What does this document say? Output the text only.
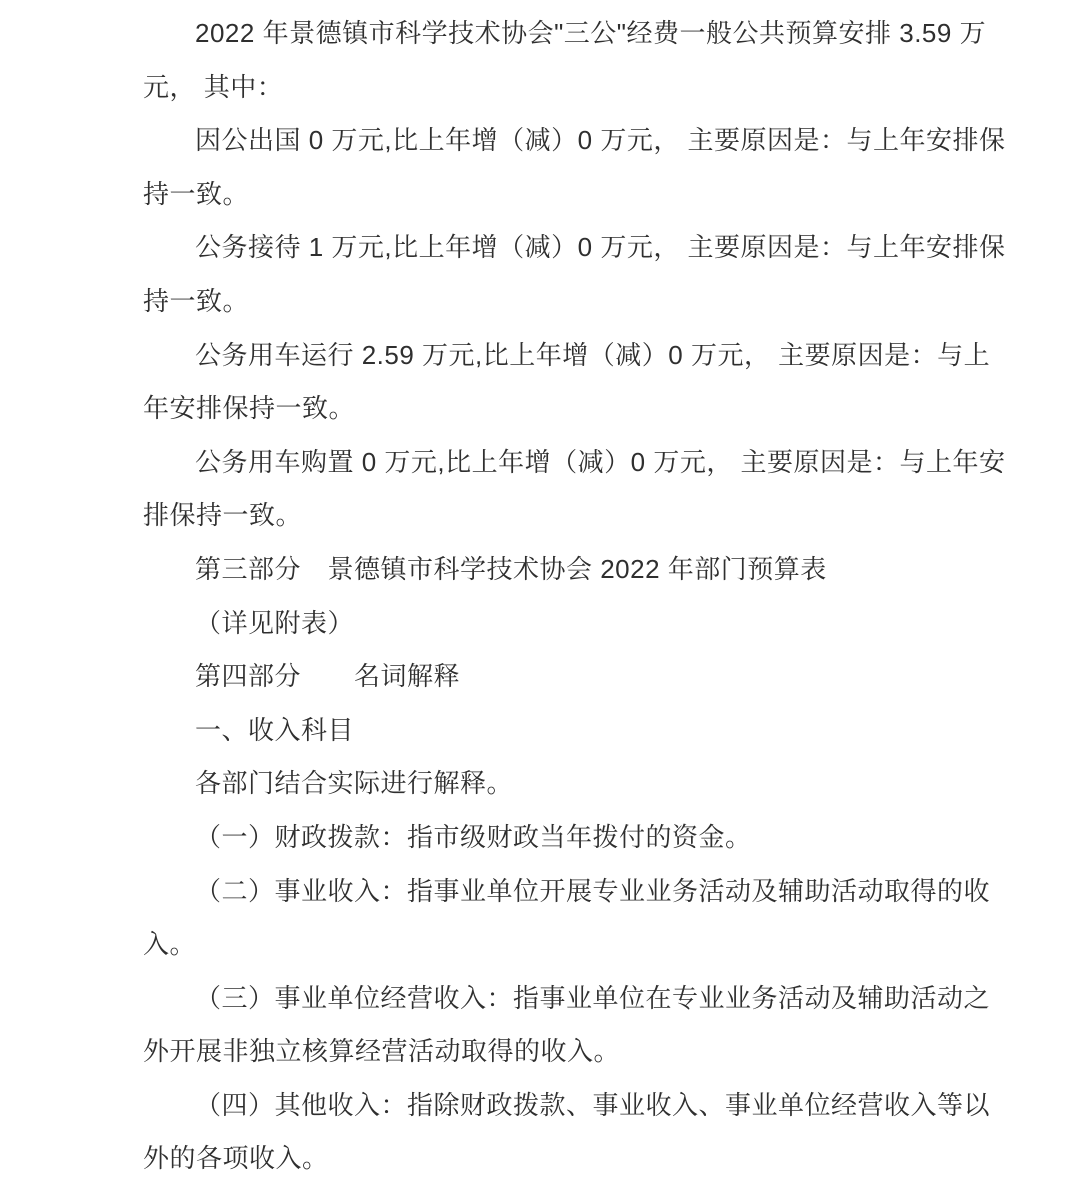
2022 年景德镇市科学技术协会"三公"经费一般公共预算安排 3.59 万
元， 其中：
因公出国 0 万元,比上年增（减）0 万元， 主要原因是：与上年安排保
持一致。
公务接待 1 万元,比上年增（减）0 万元， 主要原因是：与上年安排保
持一致。
公务用车运行 2.59 万元,比上年增（减）0 万元， 主要原因是：与上
年安排保持一致。
公务用车购置 0 万元,比上年增（减）0 万元， 主要原因是：与上年安
排保持一致。
第三部分　景德镇市科学技术协会 2022 年部门预算表
（详见附表）
第四部分　　名词解释
一、收入科目
各部门结合实际进行解释。
（一）财政拨款：指市级财政当年拨付的资金。
（二）事业收入：指事业单位开展专业业务活动及辅助活动取得的收
入。
（三）事业单位经营收入：指事业单位在专业业务活动及辅助活动之
外开展非独立核算经营活动取得的收入。
（四）其他收入：指除财政拨款、事业收入、事业单位经营收入等以
外的各项收入。
